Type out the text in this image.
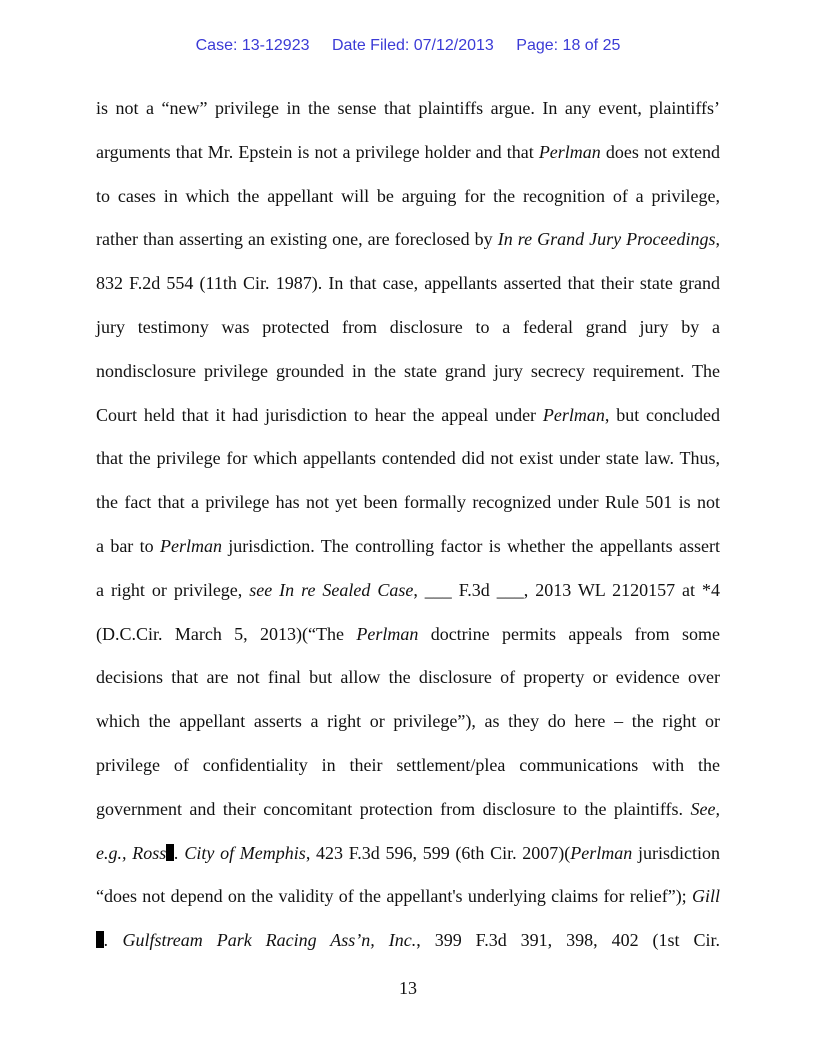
Case: 13-12923 Date Filed: 07/12/2013 Page: 18 of 25
is not a “new” privilege in the sense that plaintiffs argue. In any event, plaintiffs’
arguments that Mr. Epstein is not a privilege holder and that Perlman does not extend
to cases in which the appellant will be arguing for the recognition of a privilege,
rather than asserting an existing one, are foreclosed by In re Grand Jury Proceedings,
832 F.2d 554 (11th Cir. 1987). In that case, appellants asserted that their state grand
jury testimony was protected from disclosure to a federal grand jury by a
nondisclosure privilege grounded in the state grand jury secrecy requirement. The
Court held that it had jurisdiction to hear the appeal under Perlman, but concluded
that the privilege for which appellants contended did not exist under state law. Thus,
the fact that a privilege has not yet been formally recognized under Rule 501 is not
a bar to Perlman jurisdiction. The controlling factor is whether the appellants assert
a right or privilege, see In re Sealed Case, ___ F.3d ___, 2013 WL 2120157 at *4
(D.C.Cir. March 5, 2013)(“The Perlman doctrine permits appeals from some
decisions that are not final but allow the disclosure of property or evidence over
which the appellant asserts a right or privilege”), as they do here – the right or
privilege of confidentiality in their settlement/plea communications with the
government and their concomitant protection from disclosure to the plaintiffs. See,
e.g., Ross . City of Memphis, 423 F.3d 596, 599 (6th Cir. 2007)(Perlman jurisdiction
“does not depend on the validity of the appellant's underlying claims for relief”); Gill
. Gulfstream Park Racing Ass’n, Inc., 399 F.3d 391, 398, 402 (1st Cir.
13
